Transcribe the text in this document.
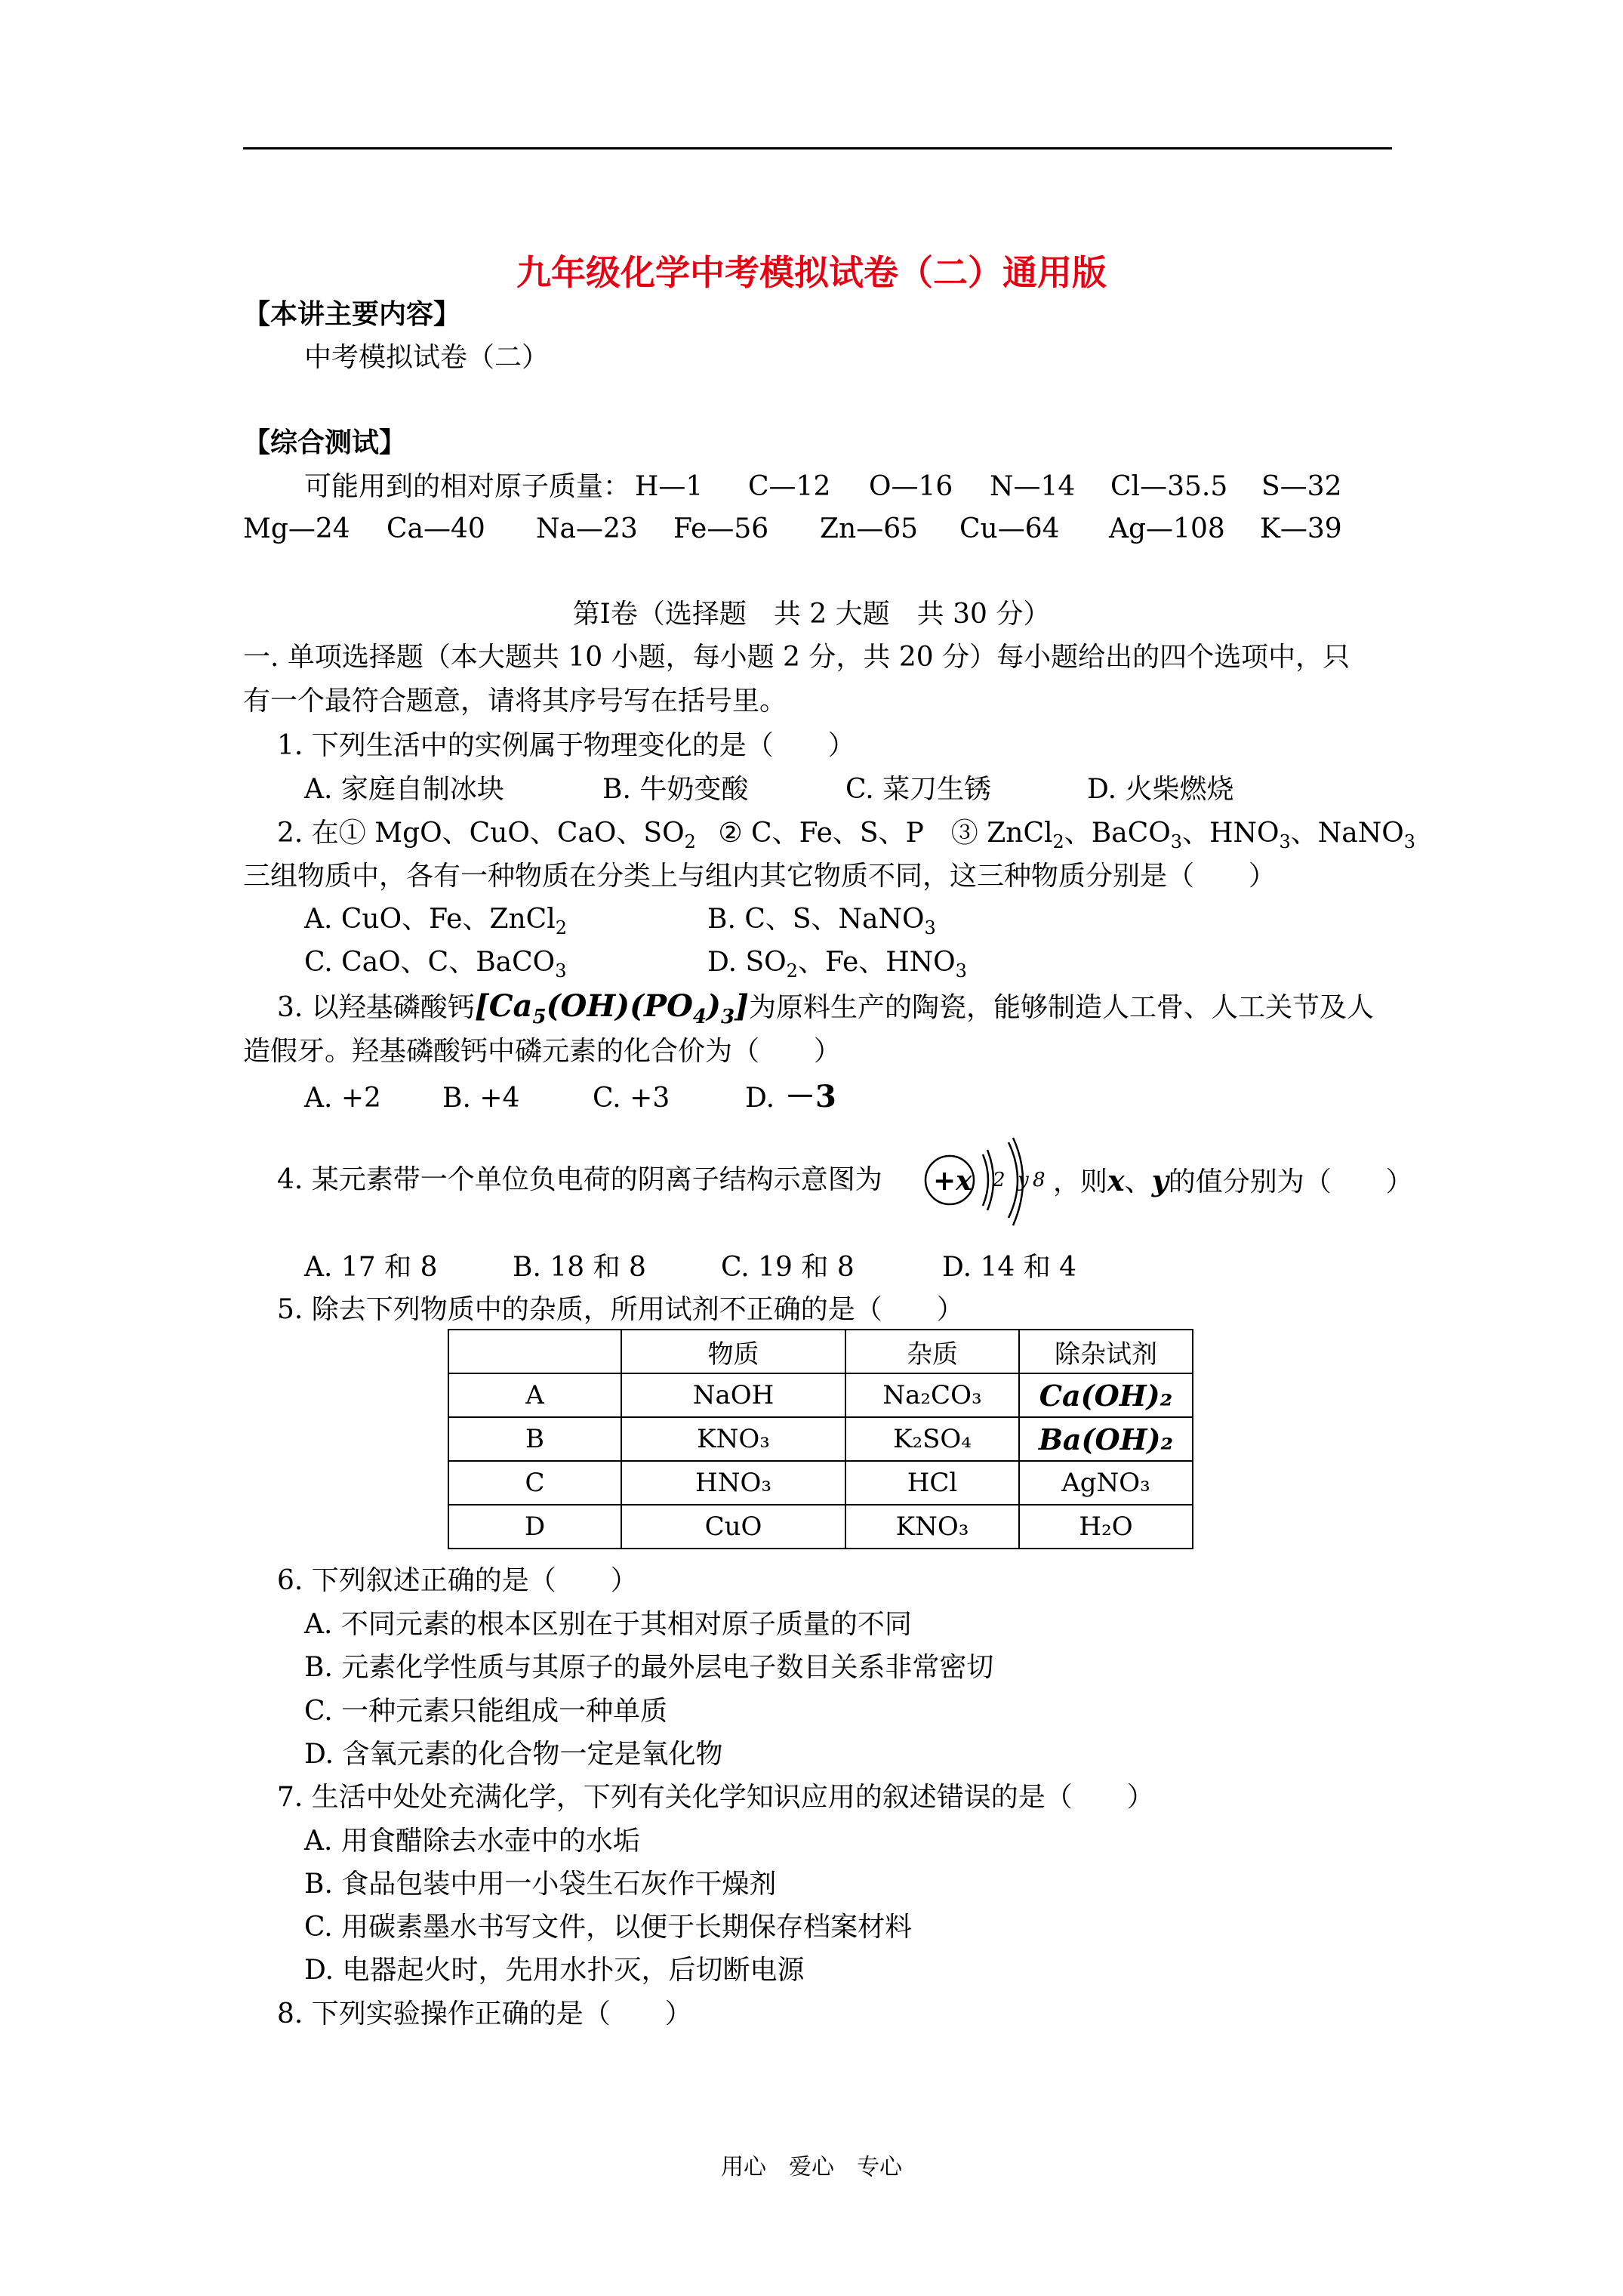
九年级化学中考模拟试卷（二）通用版
【本讲主要内容】
中考模拟试卷（二）
【综合测试】
可能用到的相对原子质量： H—1 C—12 O—16 N—14 Cl—35.5 S—32
Mg—24 Ca—40 Na—23 Fe—56 Zn—65 Cu—64 Ag—108 K—39
第Ⅰ卷（选择题　共 2 大题　共 30 分）
一. 单项选择题（本大题共 10 小题，每小题 2 分，共 20 分）每小题给出的四个选项中，只
有一个最符合题意，请将其序号写在括号里。
1. 下列生活中的实例属于物理变化的是（　　）
A. 家庭自制冰块	B. 牛奶变酸	C. 菜刀生锈	D. 火柴燃烧
2. 在① MgO、CuO、CaO、$SO_2$ ② C、Fe、S、P　③ ZnCl$_2$、BaCO$_3$、$HNO_3$、NaNO$_3$
三组物质中，各有一种物质在分类上与组内其它物质不同，这三种物质分别是（　　）
A. CuO、Fe、ZnCl$_2$	B. C、S、NaNO$_3$
C. CaO、C、BaCO$_3$	D. $SO_2$、Fe、$HNO_3$
3. 以羟基磷酸钙$[Ca_5(OH)(PO_4)_3]$为原料生产的陶瓷，能够制造人工骨、人工关节及人
造假牙。羟基磷酸钙中磷元素的化合价为（　　）
A. +2 B. +4	C. +3	D. －3
4. 某元素带一个单位负电荷的阴离子结构示意图为 +x 2 y 8 ，则x、y的值分别为（　　）
A. 17 和 8	B. 18 和 8	C. 19 和 8	D. 14 和 4
5. 除去下列物质中的杂质，所用试剂不正确的是（　　）
	物质	杂质	除杂试剂
A	NaOH	Na₂CO₃	Ca(OH)₂
B	KNO₃	K₂SO₄	Ba(OH)₂
C	HNO₃	HCl	AgNO₃
D	CuO	KNO₃	H₂O
6. 下列叙述正确的是（　　）
A. 不同元素的根本区别在于其相对原子质量的不同
B. 元素化学性质与其原子的最外层电子数目关系非常密切
C. 一种元素只能组成一种单质
D. 含氧元素的化合物一定是氧化物
7. 生活中处处充满化学，下列有关化学知识应用的叙述错误的是（　　）
A. 用食醋除去水壶中的水垢
B. 食品包装中用一小袋生石灰作干燥剂
C. 用碳素墨水书写文件，以便于长期保存档案材料
D. 电器起火时，先用水扑灭，后切断电源
8. 下列实验操作正确的是（　　）
用心　爱心　专心
